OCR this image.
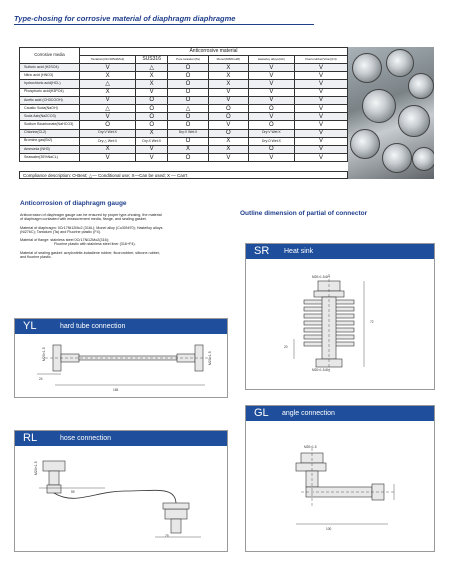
Type-chosing for corrosive material of diaphragm diaphragme
Corrosive media	Anticorrosive material					
	Tantalum(OCr18Ni2Mo2)	SUS316	Pure tantalum(Ta)	Monel(Ni68Cu28)	Hastelloy alloys(HC)	Fluororubber(Viton)(F4)
Sulfuric acid (H2SO4)	V	△	O	X	V	V
Nitric acid (HNO3)	X	X	O	X	V	V
hydrochloric acid(HCL)	△	X	O	X	V	V
Phosphoric acid(H3PO4)	X	V	O	V	V	V
Acetic acid (CH3COOH)	V	O	O	V	V	V
Caustic Soda(NaOH)	△	O	△	O	O	V
Soda Ash(Na2CO3)	V	O	O	O	V	V
Sodium Bicarbonate(NaHCO3)	O	O	O	V	O	V
Chlorine(CL2)	Dry:V Wet:X	X	Dry:V Wet:X	O	Dry:V Wet:X	V
Bromine gas(Br2)	Dry:△ Wet:X	Dry:X Wet:X	O	X	Dry:O Wet:X	V
Ammonia (NH3)	X	V	X	X	O	V
Seawater(35%NaCL)	V	V	O	V	V	V
Compliance description: O-Best; △— Conditional use; X—Can be used; X — Can't
Anticorrosion of diaphragm gauge
Anticorrosion of diaphragm gauge can be ensured by proper type-chosing, the material
of diaphragm contacted with measurement media, flange, and sealing gasket.
Material of diaphragm: 0Cr17Ni12Mo2 (316L); Monel alloy (Cu30Ni70); Hasteiloy alloys
(Ni276C); Tantalum (Ta) and Fluorine plastic (F4).
Material of flange: stainless steel 0Cr17Ni12Mo2(316);
Fluorine plastic with stainless steel liner (316+F4).
Material of sealing gasket: acrylonitrile-butadiene rubber, fluororubber, silicone rubber,
and fluorine plastic.
Outline dimension of partial of connector
SR Heat sink
M20×1.5-6H
M20×1.5-6H
72
20
YL	hard tube connection
24
165
M20×1.5	M20×1.5
GL angle connection
M20×1.5
100
RL	hose connection
59
79
M20×1.5
